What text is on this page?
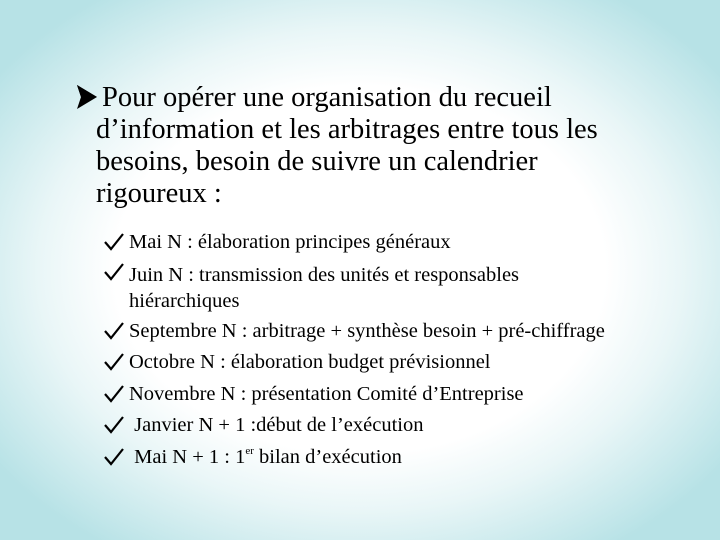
Pour opérer une organisation du recueil
d’information et les arbitrages entre tous les
besoins, besoin de suivre un calendrier
rigoureux :
Mai N : élaboration principes généraux
Juin N : transmission des unités et responsables
hiérarchiques
Septembre N : arbitrage + synthèse besoin + pré-chiffrage
Octobre N : élaboration budget prévisionnel
Novembre N : présentation Comité d’Entreprise
Janvier N + 1 :début de l’exécution
Mai N + 1 : 1er bilan d’exécution
